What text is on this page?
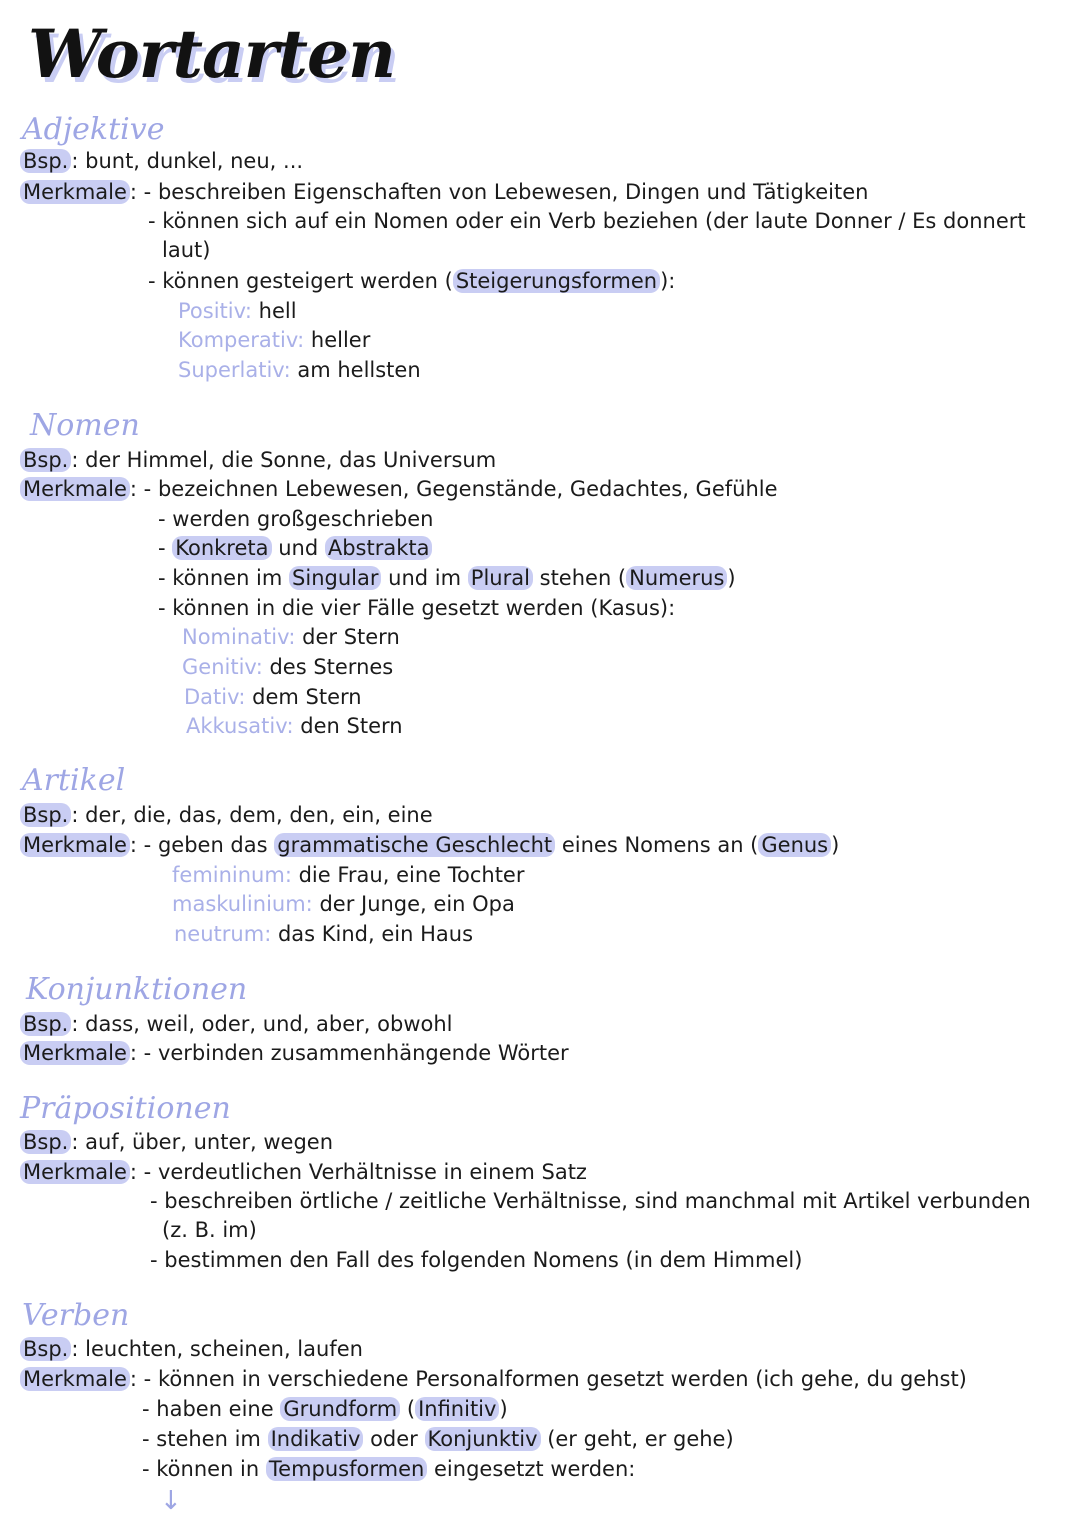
Wortarten
Adjektive
Bsp. : bunt, dunkel, neu, ...
Merkmale : - beschreiben Eigenschaften von Lebewesen, Dingen und Tätigkeiten
- können sich auf ein Nomen oder ein Verb beziehen (der laute Donner / Es donnert
laut)
- können gesteigert werden ( Steigerungsformen ):
Positiv: hell
Komperativ: heller
Superlativ: am hellsten
Nomen
Bsp. : der Himmel, die Sonne, das Universum
Merkmale : - bezeichnen Lebewesen, Gegenstände, Gedachtes, Gefühle
- werden großgeschrieben
- Konkreta und Abstrakta
- können im Singular und im Plural stehen ( Numerus )
- können in die vier Fälle gesetzt werden (Kasus):
Nominativ: der Stern
Genitiv: des Sternes
Dativ: dem Stern
Akkusativ: den Stern
Artikel
Bsp. : der, die, das, dem, den, ein, eine
Merkmale : - geben das grammatische Geschlecht eines Nomens an ( Genus )
femininum: die Frau, eine Tochter
maskulinium: der Junge, ein Opa
neutrum: das Kind, ein Haus
Konjunktionen
Bsp. : dass, weil, oder, und, aber, obwohl
Merkmale : - verbinden zusammenhängende Wörter
Präpositionen
Bsp. : auf, über, unter, wegen
Merkmale : - verdeutlichen Verhältnisse in einem Satz
- beschreiben örtliche / zeitliche Verhältnisse, sind manchmal mit Artikel verbunden
(z. B. im)
- bestimmen den Fall des folgenden Nomens (in dem Himmel)
Verben
Bsp. : leuchten, scheinen, laufen
Merkmale : - können in verschiedene Personalformen gesetzt werden (ich gehe, du gehst)
- haben eine Grundform ( Infinitiv )
- stehen im Indikativ oder Konjunktiv (er geht, er gehe)
- können in Tempusformen eingesetzt werden:
↓
